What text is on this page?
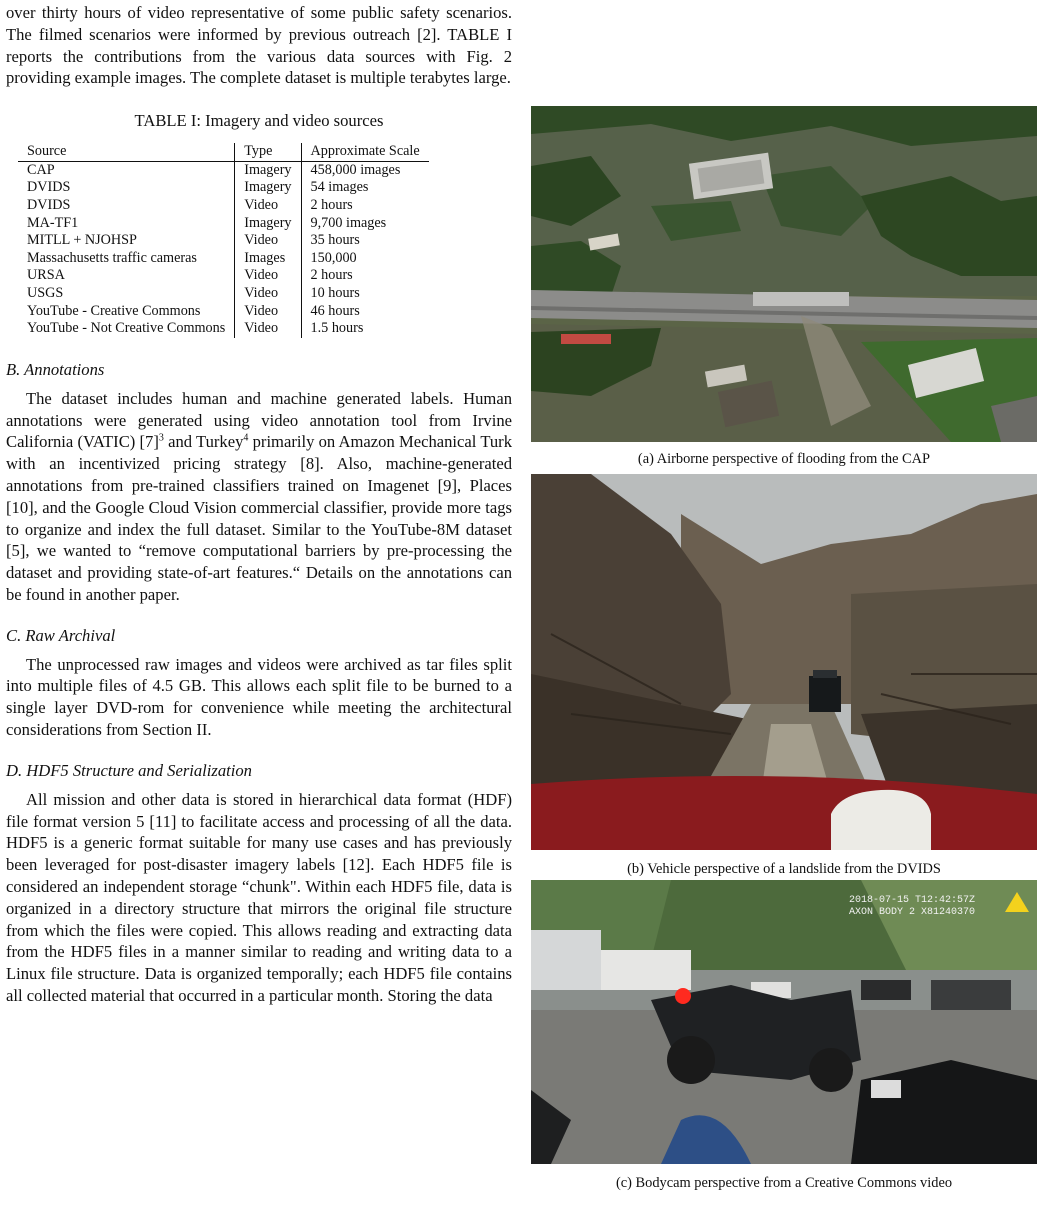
over thirty hours of video representative of some public safety scenarios. The filmed scenarios were informed by previous outreach [2]. TABLE I reports the contributions from the various data sources with Fig. 2 providing example images. The complete dataset is multiple terabytes large.

TABLE I: Imagery and video sources
Source	Type	Approximate Scale
CAP	Imagery	458,000 images
DVIDS	Imagery	54 images
DVIDS	Video	2 hours
MA-TF1	Imagery	9,700 images
MITLL + NJOHSP	Video	35 hours
Massachusetts traffic cameras	Images	150,000
URSA	Video	2 hours
USGS	Video	10 hours
YouTube - Creative Commons	Video	46 hours
YouTube - Not Creative Commons	Video	1.5 hours
B. Annotations

The dataset includes human and machine generated labels. Human annotations were generated using video annotation tool from Irvine California (VATIC) $[7]^3$ and Turkey$^4$ primarily on Amazon Mechanical Turk with an incentivized pricing strategy [8]. Also, machine-generated annotations from pre-trained classifiers trained on Imagenet [9], Places [10], and the Google Cloud Vision commercial classifier, provide more tags to organize and index the full dataset. Similar to the YouTube-8M dataset [5], we wanted to “remove computational barriers by pre-processing the dataset and providing state-of-art features.“ Details on the annotations can be found in another paper.

C. Raw Archival

The unprocessed raw images and videos were archived as tar files split into multiple files of 4.5 GB. This allows each split file to be burned to a single layer DVD-rom for convenience while meeting the architectural considerations from Section II.

D. HDF5 Structure and Serialization

All mission and other data is stored in hierarchical data format (HDF) file format version 5 [11] to facilitate access and processing of all the data. HDF5 is a generic format suitable for many use cases and has previously been leveraged for post-disaster imagery labels [12]. Each HDF5 file is considered an independent storage “chunk". Within each HDF5 file, data is organized in a directory structure that mirrors the original file structure from which the files were copied. This allows reading and extracting data from the HDF5 files in a manner similar to reading and writing data to a Linux file structure. Data is organized temporally; each HDF5 file contains all collected material that occurred in a particular month. Storing the data

(a) Airborne perspective of flooding from the CAP
(b) Vehicle perspective of a landslide from the DVIDS
2018-07-15 T12:42:57Z
AXON BODY 2 X81240370
(c) Bodycam perspective from a Creative Commons video
